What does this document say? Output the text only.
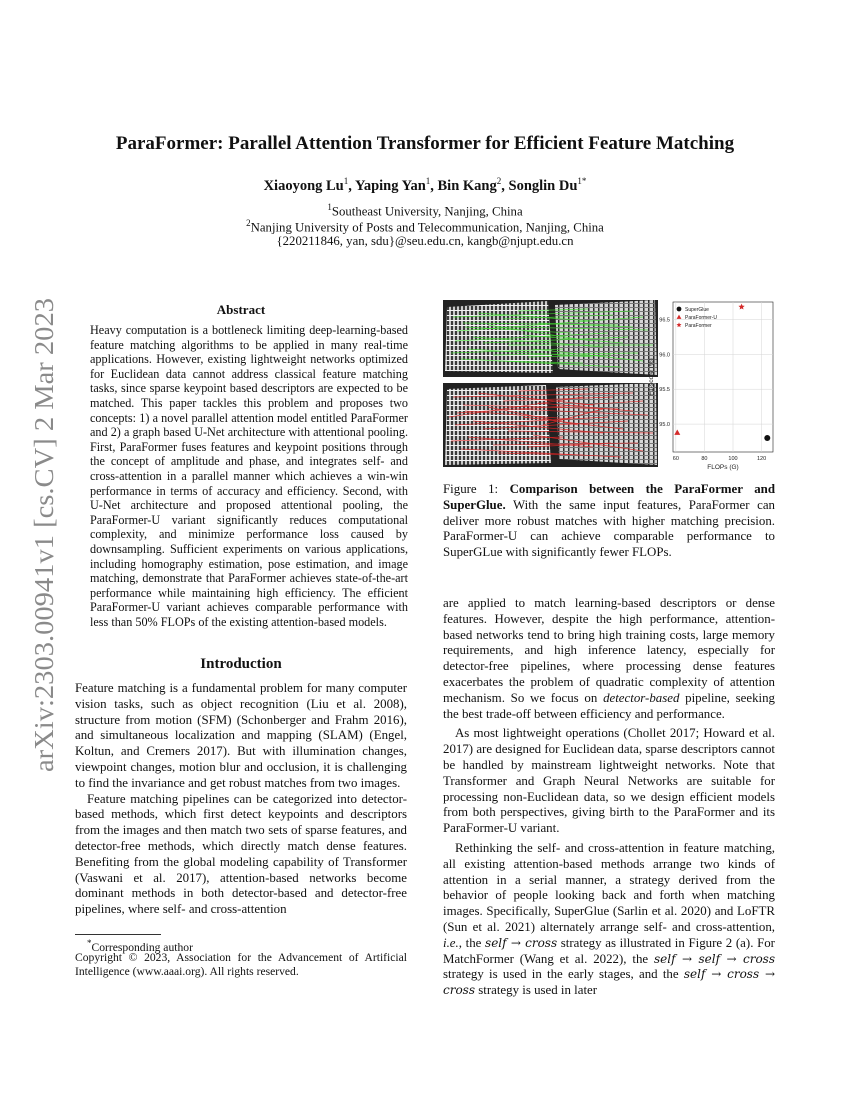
ParaFormer: Parallel Attention Transformer for Efficient Feature Matching
Xiaoyong Lu$^1$, Yaping Yan$^1$, Bin Kang$^2$, Songlin $Du^{1*}$
$^1$Southeast University, Nanjing, China
$^2$Nanjing University of Posts and Telecommunication, Nanjing, China
{220211846, yan, sdu}@seu.edu.cn, kangb@njupt.edu.cn
arXiv:2303.00941v1 [cs.CV] 2 Mar 2023
Abstract

Heavy computation is a bottleneck limiting deep-learning-based feature matching algorithms to be applied in many real-time applications. However, existing lightweight networks optimized for Euclidean data cannot address classical feature matching tasks, since sparse keypoint based descriptors are expected to be matched. This paper tackles this problem and proposes two concepts: 1) a novel parallel attention model entitled ParaFormer and 2) a graph based U-Net architecture with attentional pooling. First, ParaFormer fuses features and keypoint positions through the concept of amplitude and phase, and integrates self- and cross-attention in a parallel manner which achieves a win-win performance in terms of accuracy and efficiency. Second, with U-Net architecture and proposed attentional pooling, the ParaFormer-U variant significantly reduces computational complexity, and minimize performance loss caused by downsampling. Sufficient experiments on various applications, including homography estimation, pose estimation, and image matching, demonstrate that ParaFormer achieves state-of-the-art performance while maintaining high efficiency. The efficient ParaFormer-U variant achieves comparable performance with less than 50% FLOPs of the existing attention-based models.

Introduction

Feature matching is a fundamental problem for many computer vision tasks, such as object recognition (Liu et al. 2008), structure from motion (SFM) (Schonberger and Frahm 2016), and simultaneous localization and mapping (SLAM) (Engel, Koltun, and Cremers 2017). But with illumination changes, viewpoint changes, motion blur and occlusion, it is challenging to find the invariance and get robust matches from two images.

Feature matching pipelines can be categorized into detector-based methods, which first detect keypoints and descriptors from the images and then match two sets of sparse features, and detector-free methods, which directly match dense features. Benefiting from the global modeling capability of Transformer (Vaswani et al. 2017), attention-based networks become dominant methods in both detector-based and detector-free pipelines, where self- and cross-attention

*Corresponding author
Copyright © 2023, Association for the Advancement of Artificial Intelligence (www.aaai.org). All rights reserved.
60	80	100	120
95.0
95.5
96.0
96.5
SuperGlue
ParaFormer-U
ParaFormer
FLOPs (G)
F1-score (%)

Figure 1: Comparison between the ParaFormer and SuperGlue. With the same input features, ParaFormer can deliver more robust matches with higher matching precision. ParaFormer-U can achieve comparable performance to SuperGLue with significantly fewer FLOPs.

are applied to match learning-based descriptors or dense features. However, despite the high performance, attention-based networks tend to bring high training costs, large memory requirements, and high inference latency, especially for detector-free pipelines, where processing dense features exacerbates the problem of quadratic complexity of attention mechanism. So we focus on detector-based pipeline, seeking the best trade-off between efficiency and performance.

As most lightweight operations (Chollet 2017; Howard et al. 2017) are designed for Euclidean data, sparse descriptors cannot be handled by mainstream lightweight networks. Note that Transformer and Graph Neural Networks are suitable for processing non-Euclidean data, so we design efficient models from both perspectives, giving birth to the ParaFormer and its ParaFormer-U variant.

Rethinking the self- and cross-attention in feature matching, all existing attention-based methods arrange two kinds of attention in a serial manner, a strategy derived from the behavior of people looking back and forth when matching images. Specifically, SuperGlue (Sarlin et al. 2020) and LoFTR (Sun et al. 2021) alternately arrange self- and cross-attention, i.e., the self → cross strategy as illustrated in Figure 2 (a). For MatchFormer (Wang et al. 2022), the self → self → cross strategy is used in the early stages, and the self → cross → cross strategy is used in later
